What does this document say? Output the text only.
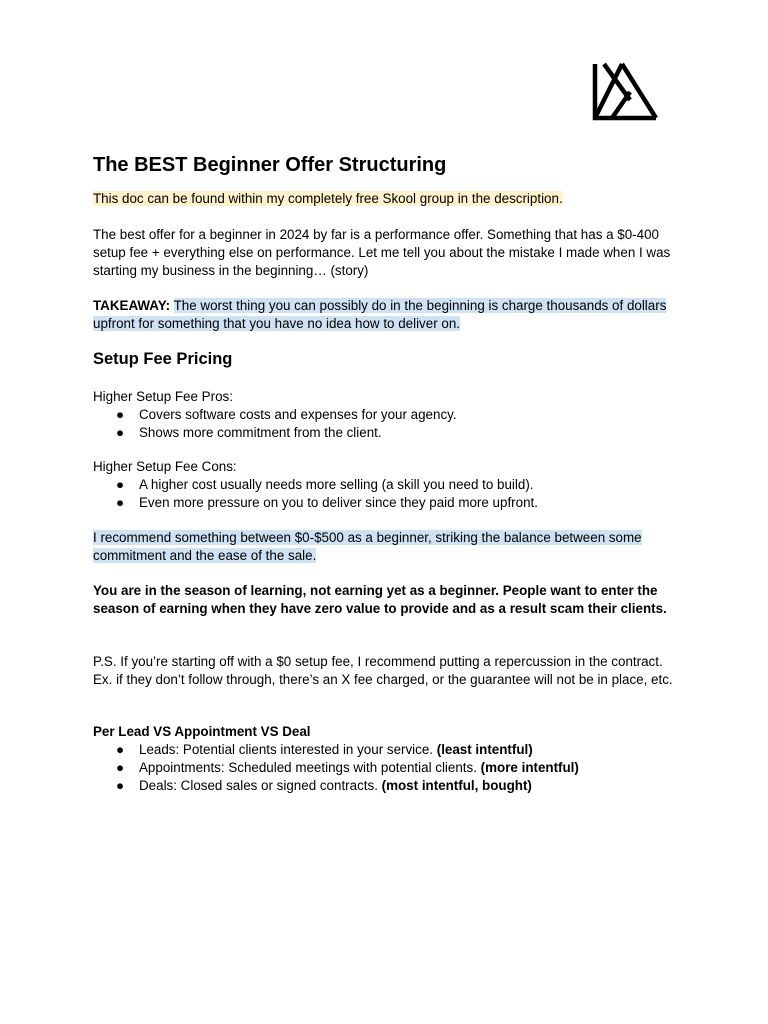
The BEST Beginner Offer Structuring

This doc can be found within my completely free Skool group in the description.

The best offer for a beginner in 2024 by far is a performance offer. Something that has a $0-400 setup fee + everything else on performance. Let me tell you about the mistake I made when I was starting my business in the beginning… (story)

TAKEAWAY: The worst thing you can possibly do in the beginning is charge thousands of dollars upfront for something that you have no idea how to deliver on.

Setup Fee Pricing
Higher Setup Fee Pros:
● Covers software costs and expenses for your agency.
● Shows more commitment from the client.
Higher Setup Fee Cons:
● A higher cost usually needs more selling (a skill you need to build).
● Even more pressure on you to deliver since they paid more upfront.

I recommend something between $0-$500 as a beginner, striking the balance between some commitment and the ease of the sale.

You are in the season of learning, not earning yet as a beginner. People want to enter the season of earning when they have zero value to provide and as a result scam their clients.

P.S. If you’re starting off with a $0 setup fee, I recommend putting a repercussion in the contract. Ex. if they don’t follow through, there’s an X fee charged, or the guarantee will not be in place, etc.

Per Lead VS Appointment VS Deal
● Leads: Potential clients interested in your service. (least intentful)
● Appointments: Scheduled meetings with potential clients. (more intentful)
● Deals: Closed sales or signed contracts. (most intentful, bought)
